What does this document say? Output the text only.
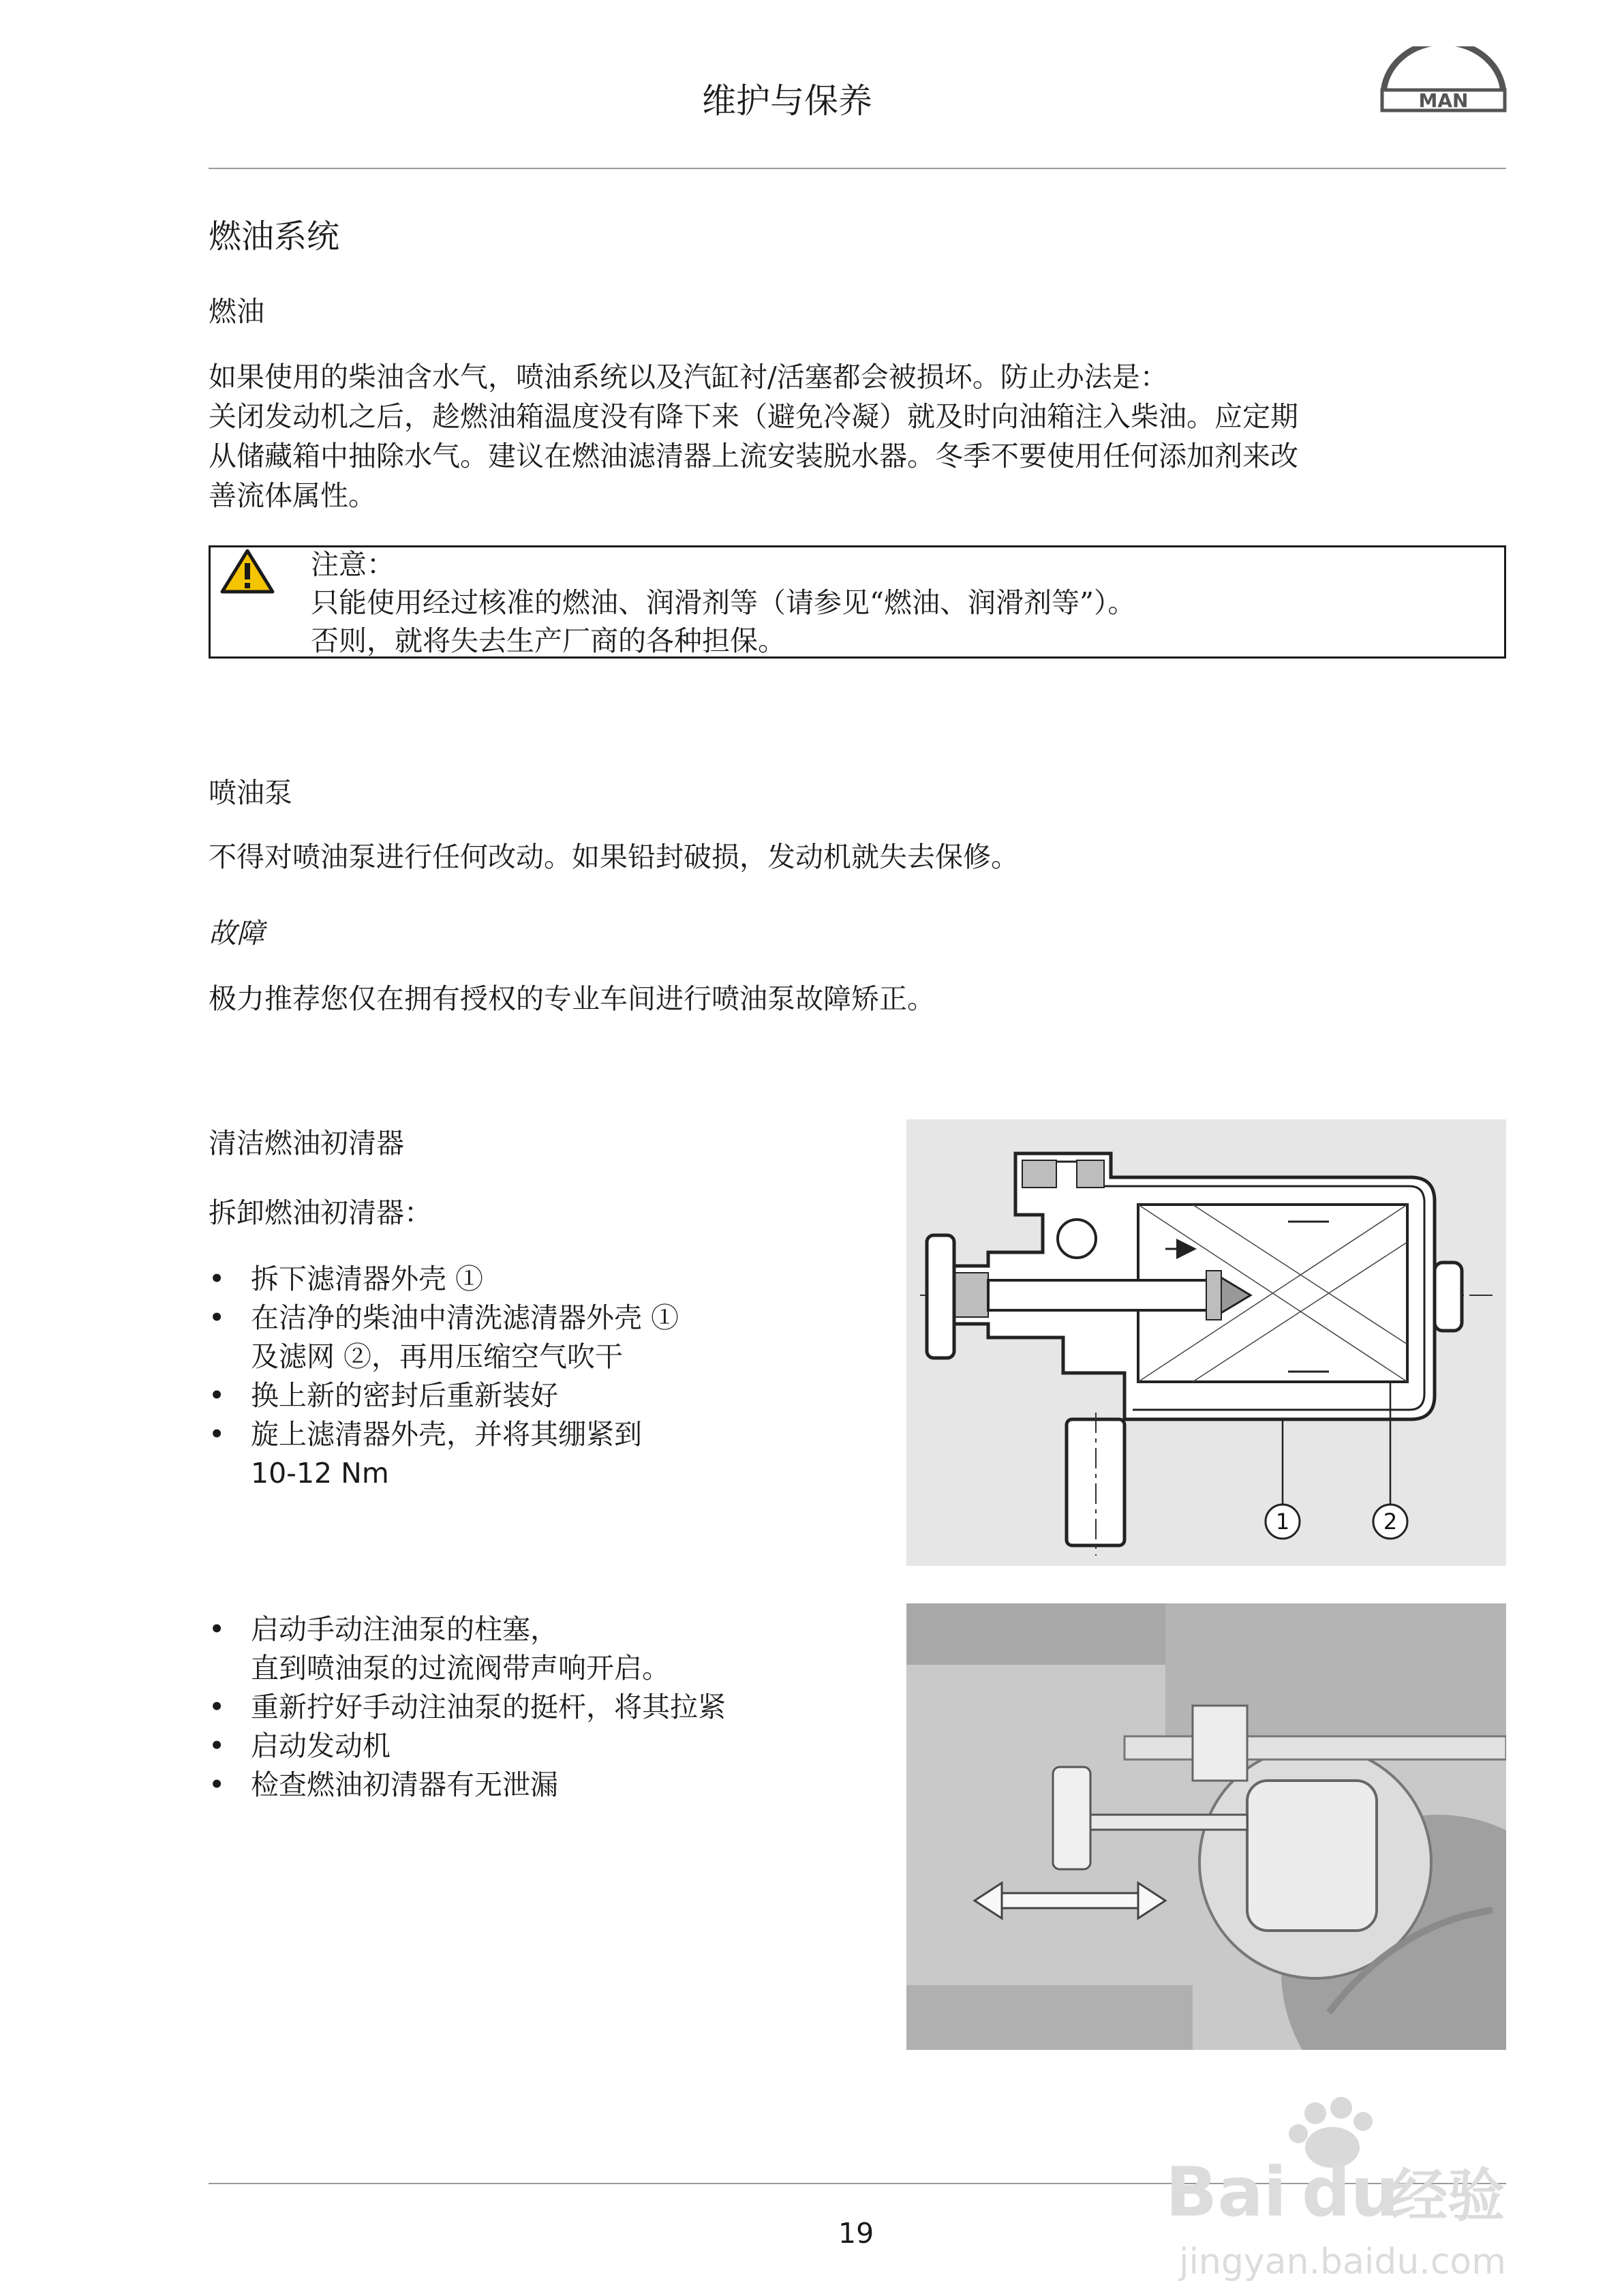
维护与保养	MAN
燃油系统
燃油
如果使用的柴油含水气，喷油系统以及汽缸衬/活塞都会被损坏。防止办法是：
关闭发动机之后，趁燃油箱温度没有降下来（避免冷凝）就及时向油箱注入柴油。应定期
从储藏箱中抽除水气。建议在燃油滤清器上流安装脱水器。冬季不要使用任何添加剂来改
善流体属性。
注意：
只能使用经过核准的燃油、润滑剂等（请参见“燃油、润滑剂等”）。
否则，就将失去生产厂商的各种担保。
喷油泵
不得对喷油泵进行任何改动。如果铅封破损，发动机就失去保修。
故障
极力推荐您仅在拥有授权的专业车间进行喷油泵故障矫正。
清洁燃油初清器
拆卸燃油初清器：
• 拆下滤清器外壳 ①
• 在洁净的柴油中清洗滤清器外壳 ①
及滤网 ②，再用压缩空气吹干
• 换上新的密封后重新装好
• 旋上滤清器外壳，并将其绷紧到
10-12 Nm
• 启动手动注油泵的柱塞，
直到喷油泵的过流阀带声响开启。
• 重新拧好手动注油泵的挺杆，将其拉紧
• 启动发动机
• 检查燃油初清器有无泄漏
1	2
19
Bai du
经验
jingyan.baidu.com
